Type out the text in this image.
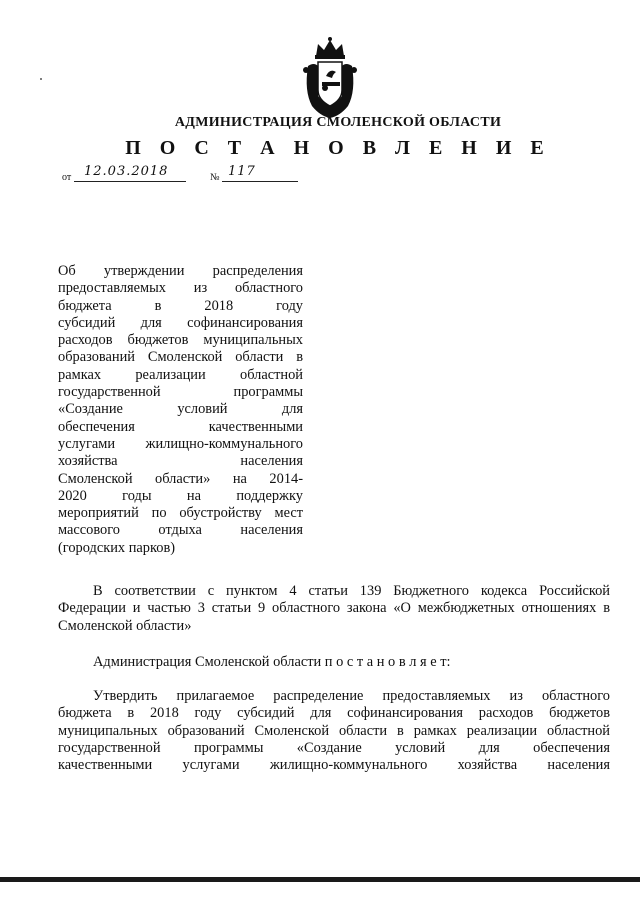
АДМИНИСТРАЦИЯ СМОЛЕНСКОЙ ОБЛАСТИ
П О С Т А Н О В Л Е Н И Е
от 12.03.2018	№ 117
Об утверждении распределения
предоставляемых из областного
бюджета в 2018 году
субсидий для софинансирования
расходов бюджетов муниципальных
образований Смоленской области в
рамках реализации областной
государственной программы
«Создание условий для
обеспечения качественными
услугами жилищно-коммунального
хозяйства населения
Смоленской области» на 2014-
2020 годы на поддержку
мероприятий по обустройству мест
массового отдыха населения
(городских парков)
В соответствии с пунктом 4 статьи 139 Бюджетного кодекса Российской
Федерации и частью 3 статьи 9 областного закона «О межбюджетных отношениях в
Смоленской области»
Администрация Смоленской области п о с т а н о в л я е т:
Утвердить прилагаемое распределение предоставляемых из областного
бюджета в 2018 году субсидий для софинансирования расходов бюджетов
муниципальных образований Смоленской области в рамках реализации областной
государственной программы «Создание условий для обеспечения
качественными услугами жилищно-коммунального хозяйства населения
